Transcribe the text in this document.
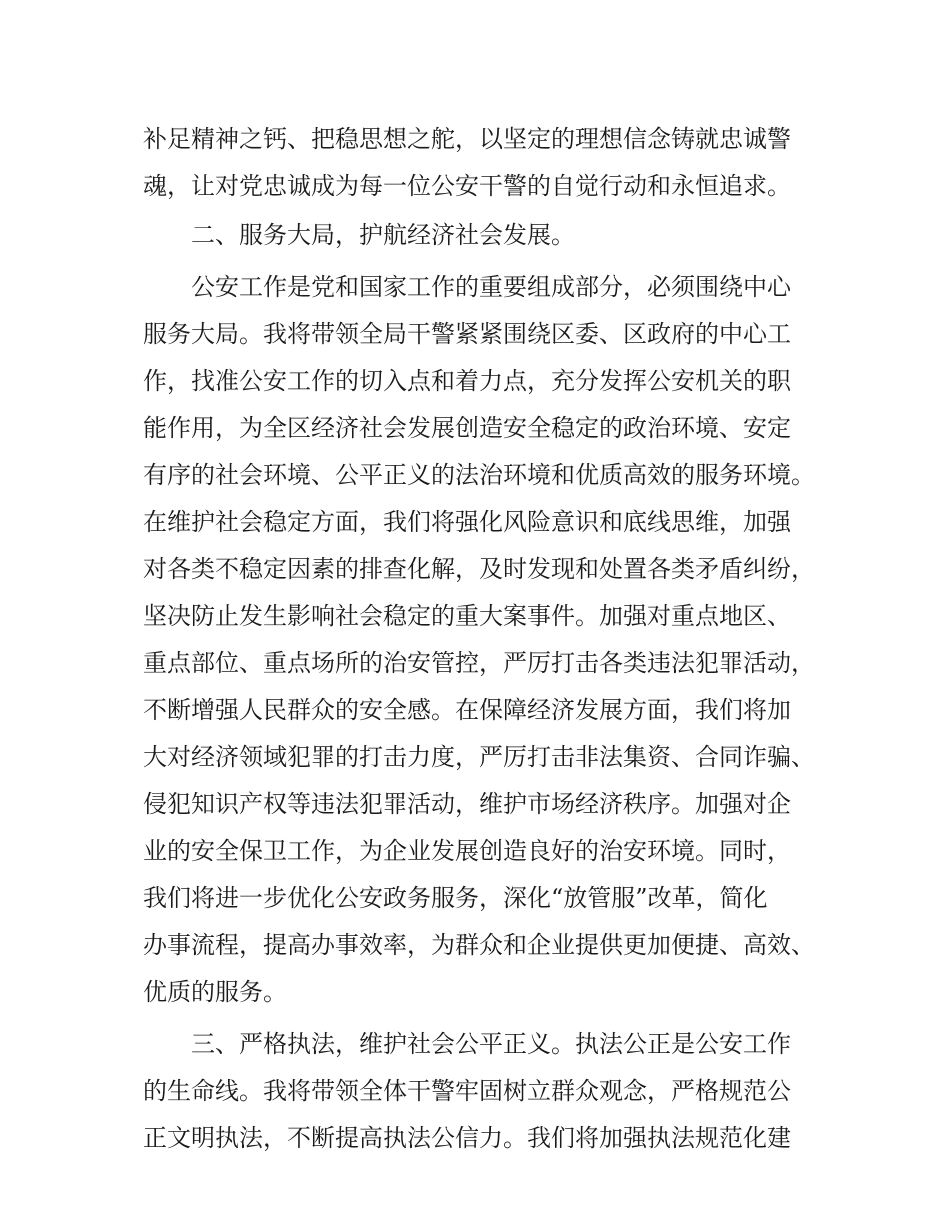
补足精神之钙、把稳思想之舵，以坚定的理想信念铸就忠诚警
魂，让对党忠诚成为每一位公安干警的自觉行动和永恒追求。
二、服务大局，护航经济社会发展。
公安工作是党和国家工作的重要组成部分，必须围绕中心
服务大局。我将带领全局干警紧紧围绕区委、区政府的中心工
作，找准公安工作的切入点和着力点，充分发挥公安机关的职
能作用，为全区经济社会发展创造安全稳定的政治环境、安定
有序的社会环境、公平正义的法治环境和优质高效的服务环境。
在维护社会稳定方面，我们将强化风险意识和底线思维，加强
对各类不稳定因素的排查化解，及时发现和处置各类矛盾纠纷，
坚决防止发生影响社会稳定的重大案事件。加强对重点地区、
重点部位、重点场所的治安管控，严厉打击各类违法犯罪活动，
不断增强人民群众的安全感。在保障经济发展方面，我们将加
大对经济领域犯罪的打击力度，严厉打击非法集资、合同诈骗、
侵犯知识产权等违法犯罪活动，维护市场经济秩序。加强对企
业的安全保卫工作，为企业发展创造良好的治安环境。同时，
我们将进一步优化公安政务服务，深化“放管服”改革，简化
办事流程，提高办事效率，为群众和企业提供更加便捷、高效、
优质的服务。
三、严格执法，维护社会公平正义。执法公正是公安工作
的生命线。我将带领全体干警牢固树立群众观念，严格规范公
正文明执法，不断提高执法公信力。我们将加强执法规范化建
